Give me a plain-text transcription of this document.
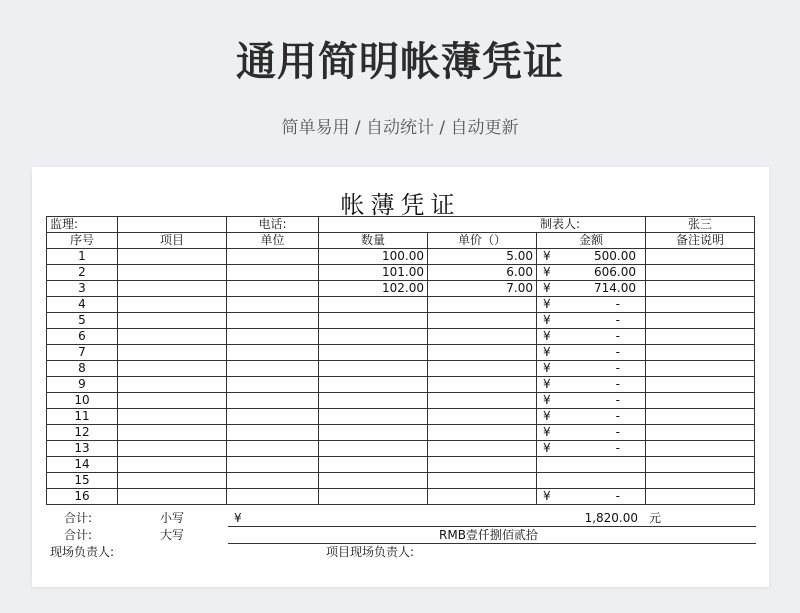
通用简明帐薄凭证
简单易用 / 自动统计 / 自动更新
帐薄凭证
监理:		电话:	制表人:			张三
序号	项目	单位	数量	单价（）	金额	备注说明
1			100.00	5.00	¥ 500.00	

2			101.00	6.00	¥ 606.00	

3			102.00	7.00	¥ 714.00	

4					¥ -	

5					¥ -	

6					¥ -	

7					¥ -	

8					¥ -	

9					¥ -	

10					¥ -	

11					¥ -	

12					¥ -	

13					¥ -	

14					

15					

16					¥ -	

合计:	小写	¥	1,820.00 元
合计:	大写	RMB壹仟捌佰贰拾
现场负责人:	项目现场负责人:
